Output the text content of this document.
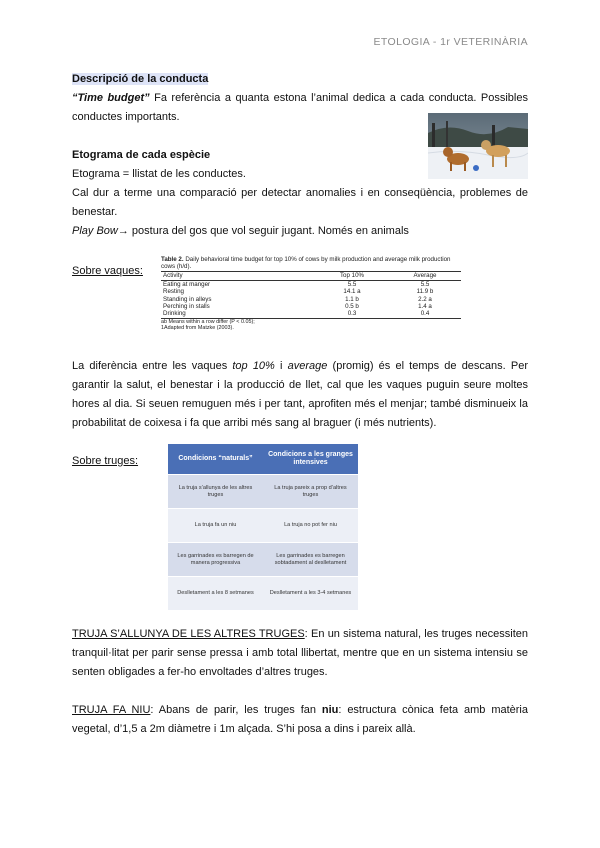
ETOLOGIA - 1r VETERINÀRIA
Descripció de la conducta
“Time budget” Fa referència a quanta estona l’animal dedica a cada conducta. Possibles conductes importants.
Etograma de cada espècie
Etograma = llistat de les conductes.
Cal dur a terme una comparació per detectar anomalies i en conseqüència, problemes de benestar.
Play Bow→ postura del gos que vol seguir jugant. Només en animals
Sobre vaques:
Table 2. Daily behavioral time budget for top 10% of cows by milk production and average milk production cows (h/d).
Activity	Top 10%	Average
Eating at manger	5.5	5.5
Resting	14.1 a	11.9 b
Standing in alleys	1.1 b	2.2 a
Perching in stalls	0.5 b	1.4 a
Drinking	0.3	0.4
ab Means within a row differ (P < 0.05);
1Adapted from Matzke (2003).
La diferència entre les vaques top 10% i average (promig) és el temps de descans. Per garantir la salut, el benestar i la producció de llet, cal que les vaques puguin seure moltes hores al dia. Si seuen remuguen més i per tant, aprofiten més el menjar; també disminueix la probabilitat de coixesa i fa que arribi més sang al braguer (i més nutrients).
Sobre truges:	Condicions “naturals”	Condicions a les granges intensives
La truja s’allunya de les altres truges	La truja pareix a prop d’altres truges
La truja fa un niu	La truja no pot fer niu
Les garrinades es barregen de manera progressiva	Les garrinades es barregen sobtadament al deslletament
Deslletament a les 8 setmanes	Deslletament a les 3-4 setmanes
TRUJA S’ALLUNYA DE LES ALTRES TRUGES: En un sistema natural, les truges necessiten tranquil·litat per parir sense pressa i amb total llibertat, mentre que en un sistema intensiu se senten obligades a fer-ho envoltades d’altres truges.
TRUJA FA NIU: Abans de parir, les truges fan niu: estructura cònica feta amb matèria vegetal, d’1,5 a 2m diàmetre i 1m alçada. S’hi posa a dins i pareix allà.
